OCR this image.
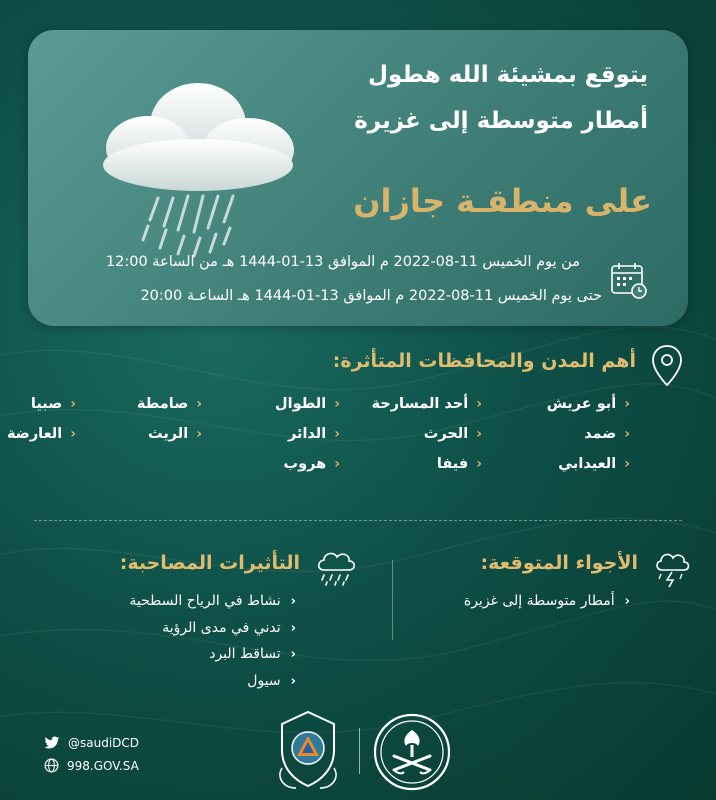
يتوقع بمشيئة الله هطول
أمطار متوسطة إلى غزيرة
على منطقـة جازان
من يوم الخميس 11-08-2022 م الموافق 13-01-1444 هـ من الساعة 12:00
حتى يوم الخميس 11-08-2022 م الموافق 13-01-1444 هـ الساعـة 20:00
أهم المدن والمحافظات المتأثرة:
‹
أبو عريش
‹
أحد المسارحة
‹
الطوال
‹
صامطة
‹
صبيا
‹
ضمد
‹
الحرث
‹
الدائر
‹
الريث
‹
العارضة
‹
العيدابي
‹
فيفا
‹
هروب
الأجواء المتوقعة:
‹
أمطار متوسطة إلى غزيرة
التأثيرات المصاحبة:
‹
نشاط في الرياح السطحية
‹
تدني في مدى الرؤية
‹
تساقط البرد
‹
سيول
@saudiDCD
998.GOV.SA
